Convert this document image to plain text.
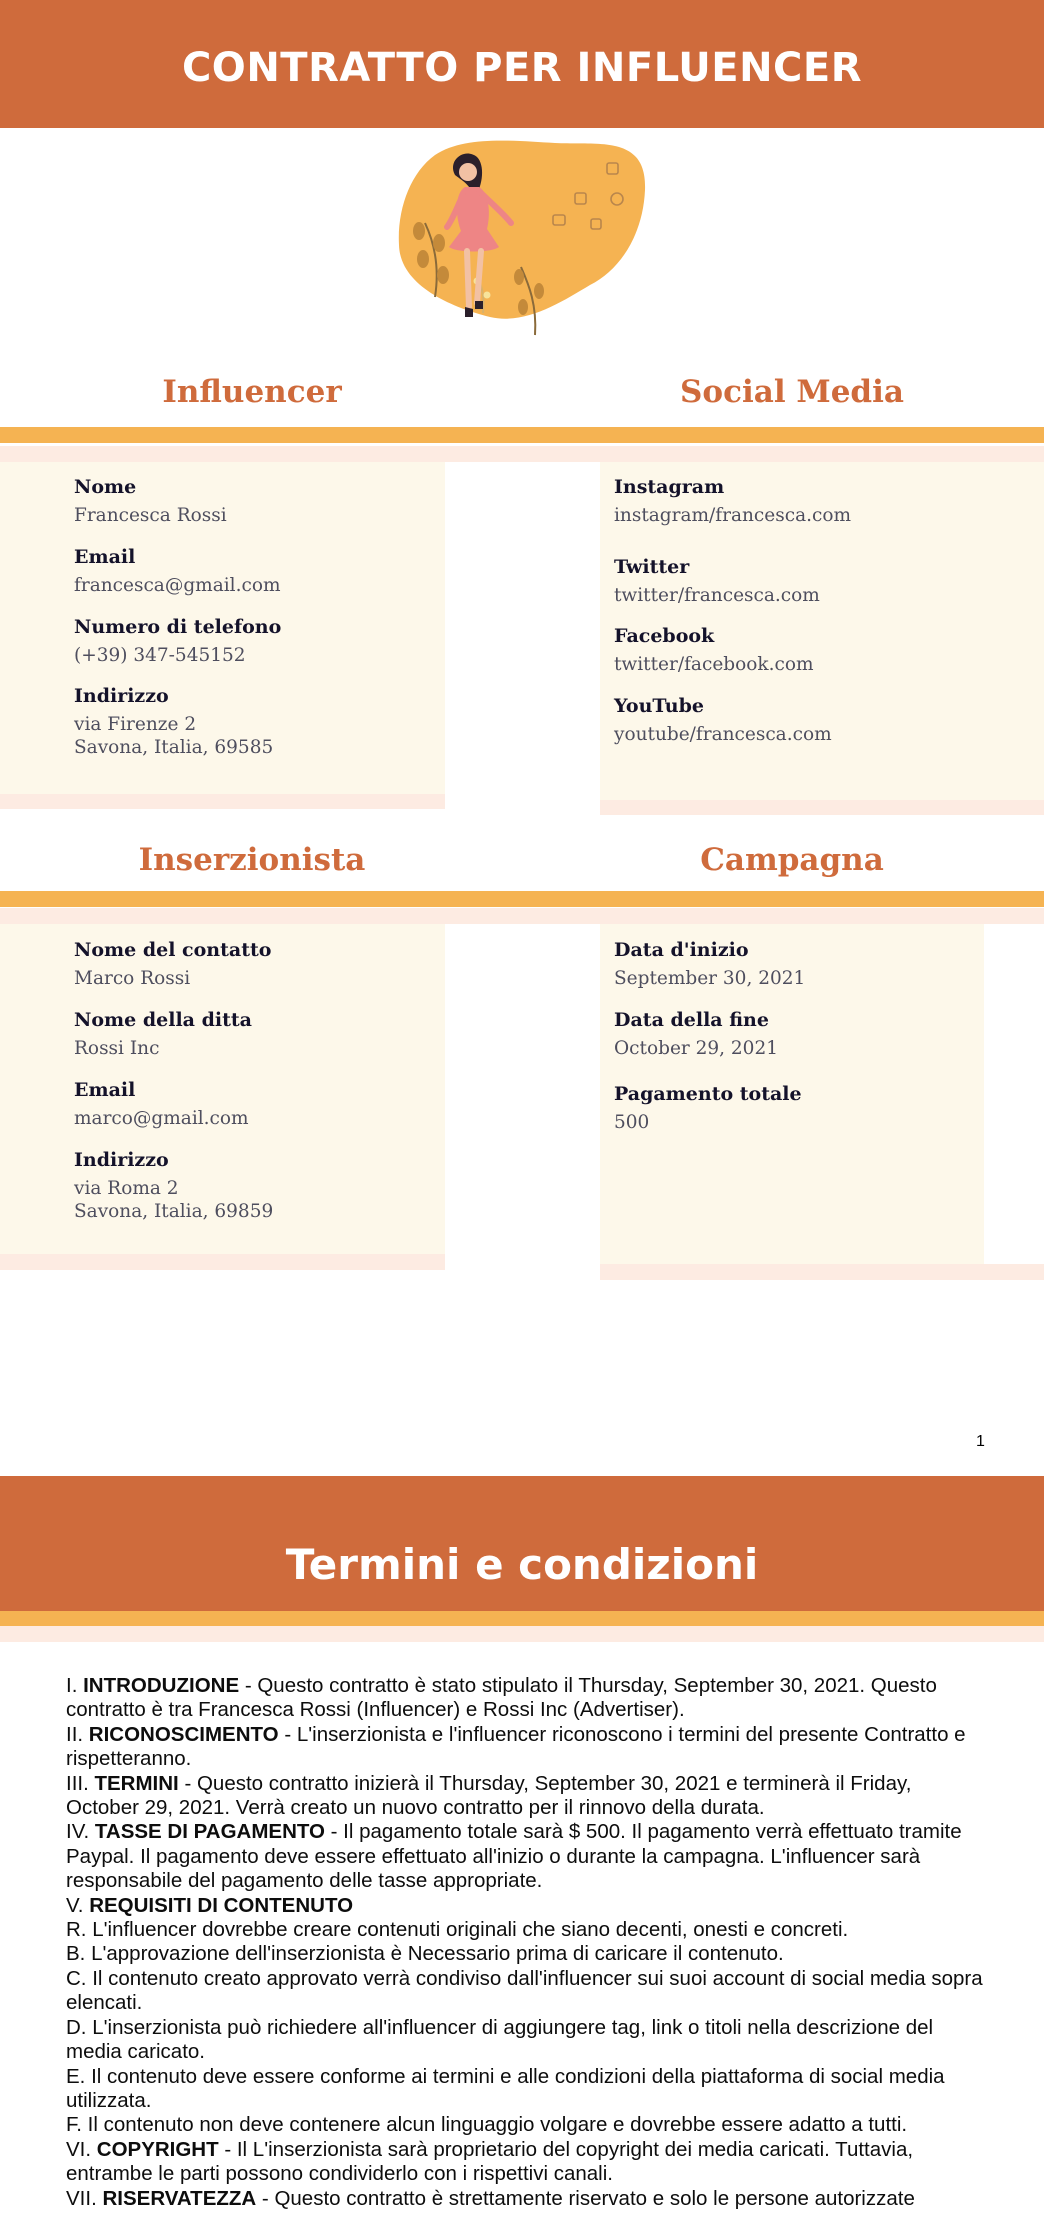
CONTRATTO PER INFLUENCER
Influencer	Social Media
Nome
Francesca Rossi
Email
francesca@gmail.com
Numero di telefono
(+39) 347-545152
Indirizzo
via Firenze 2
Savona, Italia, 69585
Instagram
instagram/francesca.com
Twitter
twitter/francesca.com
Facebook
twitter/facebook.com
YouTube
youtube/francesca.com
Inserzionista	Campagna
Nome del contatto
Marco Rossi
Nome della ditta
Rossi Inc
Email
marco@gmail.com
Indirizzo
via Roma 2
Savona, Italia, 69859
Data d'inizio
September 30, 2021
Data della fine
October 29, 2021
Pagamento totale
500
1
Termini e condizioni

I. INTRODUZIONE - Questo contratto è stato stipulato il Thursday, September 30, 2021. Questo contratto è tra Francesca Rossi (Influencer) e Rossi Inc (Advertiser).

II. RICONOSCIMENTO - L'inserzionista e l'influencer riconoscono i termini del presente Contratto e rispetteranno.

III. TERMINI - Questo contratto inizierà il Thursday, September 30, 2021 e terminerà il Friday, October 29, 2021. Verrà creato un nuovo contratto per il rinnovo della durata.

IV. TASSE DI PAGAMENTO - Il pagamento totale sarà $ 500. Il pagamento verrà effettuato tramite Paypal. Il pagamento deve essere effettuato all'inizio o durante la campagna. L'influencer sarà responsabile del pagamento delle tasse appropriate.

V. REQUISITI DI CONTENUTO

R. L'influencer dovrebbe creare contenuti originali che siano decenti, onesti e concreti.

B. L'approvazione dell'inserzionista è Necessario prima di caricare il contenuto.

C. Il contenuto creato approvato verrà condiviso dall'influencer sui suoi account di social media sopra elencati.

D. L'inserzionista può richiedere all'influencer di aggiungere tag, link o titoli nella descrizione del media caricato.

E. Il contenuto deve essere conforme ai termini e alle condizioni della piattaforma di social media utilizzata.

F. Il contenuto non deve contenere alcun linguaggio volgare e dovrebbe essere adatto a tutti.

VI. COPYRIGHT - Il L'inserzionista sarà proprietario del copyright dei media caricati. Tuttavia, entrambe le parti possono condividerlo con i rispettivi canali.

VII. RISERVATEZZA - Questo contratto è strettamente riservato e solo le persone autorizzate
